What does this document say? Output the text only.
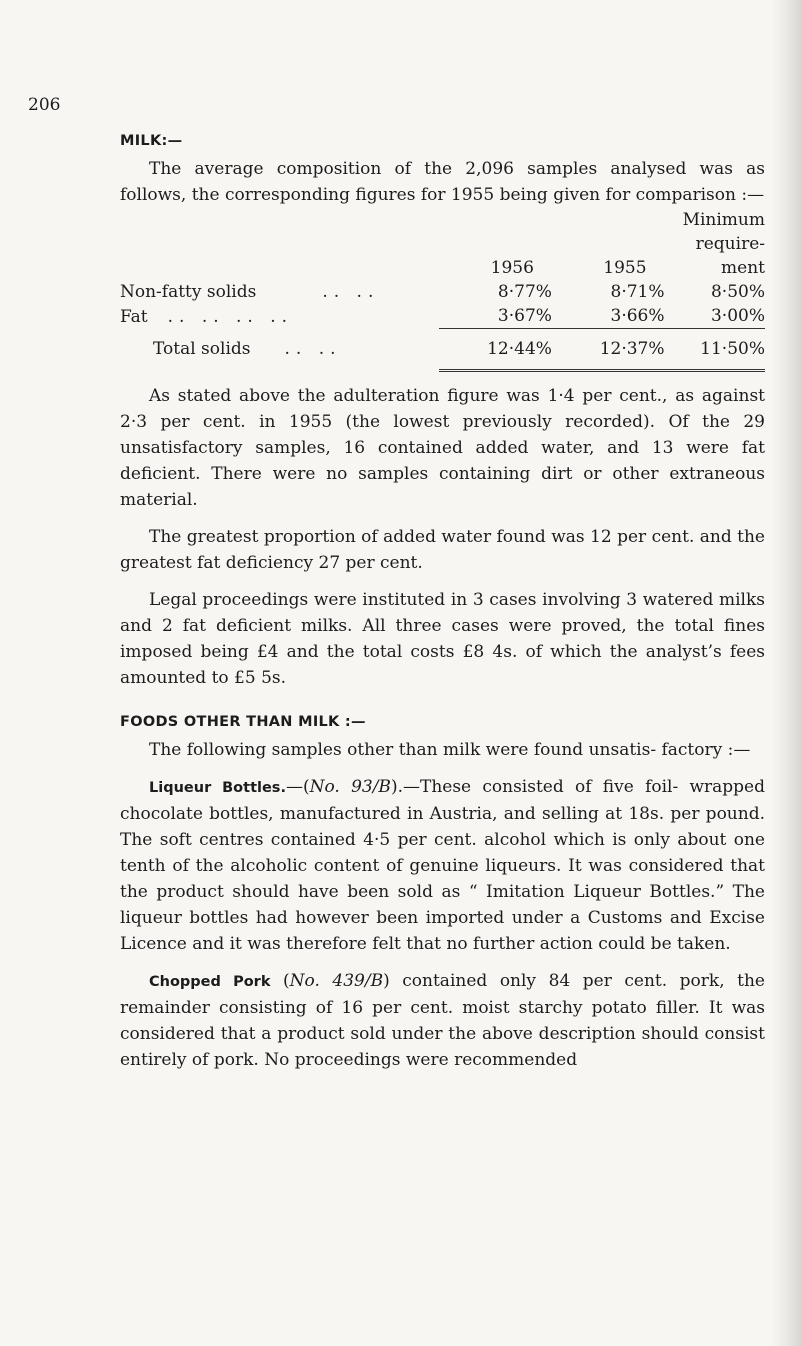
206
MILK:—

The average composition of the 2,096 samples analysed was as follows, the corresponding figures for 1955 being given for comparison :—

			Minimum
			require-
	1956	1955	ment
Non-fatty solids .. ..	8·77%	8·71%	8·50%
Fat .. .. .. ..	3·67%	3·66%	3·00%

Total solids .. ..	12·44%	12·37%	11·50%

As stated above the adulteration figure was 1·4 per cent., as against 2·3 per cent. in 1955 (the lowest previously recorded). Of the 29 unsatisfactory samples, 16 contained added water, and 13 were fat deficient. There were no samples containing dirt or other extraneous material.

The greatest proportion of added water found was 12 per cent. and the greatest fat deficiency 27 per cent.

Legal proceedings were instituted in 3 cases involving 3 watered milks and 2 fat deficient milks. All three cases were proved, the total fines imposed being £4 and the total costs £8 4s. of which the analyst’s fees amounted to £5 5s.

FOODS OTHER THAN MILK :—

The following samples other than milk were found unsatis- factory :—

Liqueur Bottles.—(No. 93/B).—These consisted of five foil- wrapped chocolate bottles, manufactured in Austria, and selling at 18s. per pound. The soft centres contained 4·5 per cent. alcohol which is only about one tenth of the alcoholic content of genuine liqueurs. It was considered that the product should have been sold as “ Imitation Liqueur Bottles.” The liqueur bottles had however been imported under a Customs and Excise Licence and it was therefore felt that no further action could be taken.

Chopped Pork (No. 439/B) contained only 84 per cent. pork, the remainder consisting of 16 per cent. moist starchy potato filler. It was considered that a product sold under the above description should consist entirely of pork. No proceedings were recommended
